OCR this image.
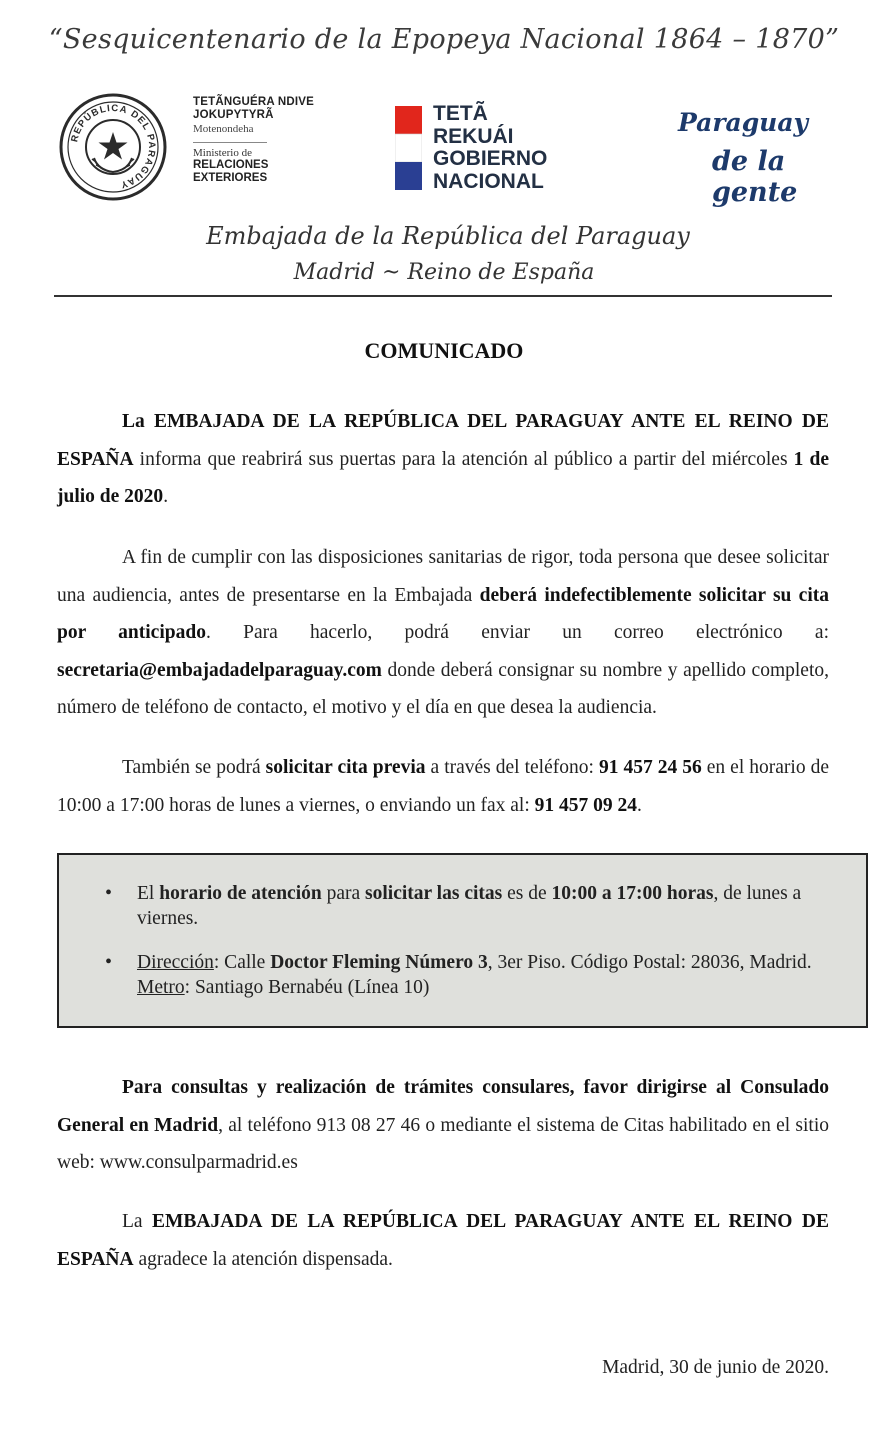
“Sesquicentenario de la Epopeya Nacional 1864 – 1870”
REPÚBLICA DEL PARAGUAY
TETÃNGUÉRA NDIVE
JOKUPYTYRÃ
Motenondeha
Ministerio de
RELACIONES
EXTERIORES
TETÃ
REKUÁI
GOBIERNO
NACIONAL
Paraguay
de la gente
Embajada de la República del Paraguay
Madrid ~ Reino de España
COMUNICADO
La EMBAJADA DE LA REPÚBLICA DEL PARAGUAY ANTE EL REINO DE ESPAÑA informa que reabrirá sus puertas para la atención al público a partir del miércoles 1 de julio de 2020.
A fin de cumplir con las disposiciones sanitarias de rigor, toda persona que desee solicitar una audiencia, antes de presentarse en la Embajada deberá indefectiblemente solicitar su cita por anticipado. Para hacerlo, podrá enviar un correo electrónico a: secretaria@embajadadelparaguay.com donde deberá consignar su nombre y apellido completo, número de teléfono de contacto, el motivo y el día en que desea la audiencia.
También se podrá solicitar cita previa a través del teléfono: 91 457 24 56 en el horario de 10:00 a 17:00 horas de lunes a viernes, o enviando un fax al: 91 457 09 24.
• El horario de atención para solicitar las citas es de 10:00 a 17:00 horas, de lunes a viernes.
• Dirección: Calle Doctor Fleming Número 3, 3er Piso. Código Postal: 28036, Madrid. Metro: Santiago Bernabéu (Línea 10)
Para consultas y realización de trámites consulares, favor dirigirse al Consulado General en Madrid, al teléfono 913 08 27 46 o mediante el sistema de Citas habilitado en el sitio web: www.consulparmadrid.es
La EMBAJADA DE LA REPÚBLICA DEL PARAGUAY ANTE EL REINO DE ESPAÑA agradece la atención dispensada.
Madrid, 30 de junio de 2020.
